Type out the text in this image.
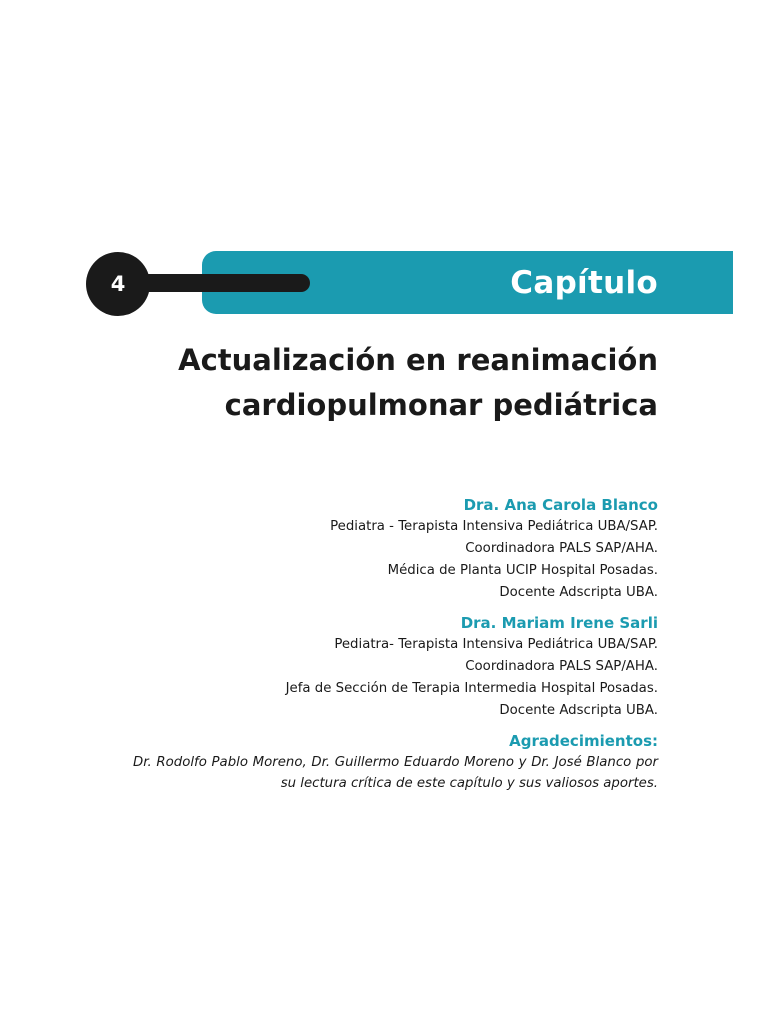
Capítulo
4
Actualización en reanimación
cardiopulmonar pediátrica
Dra. Ana Carola Blanco
Pediatra - Terapista Intensiva Pediátrica UBA/SAP.
Coordinadora PALS SAP/AHA.
Médica de Planta UCIP Hospital Posadas.
Docente Adscripta UBA.
Dra. Mariam Irene Sarli
Pediatra- Terapista Intensiva Pediátrica UBA/SAP.
Coordinadora PALS SAP/AHA.
Jefa de Sección de Terapia Intermedia Hospital Posadas.
Docente Adscripta UBA.
Agradecimientos:
Dr. Rodolfo Pablo Moreno, Dr. Guillermo Eduardo Moreno y Dr. José Blanco por su lectura crítica de este capítulo y sus valiosos aportes.
